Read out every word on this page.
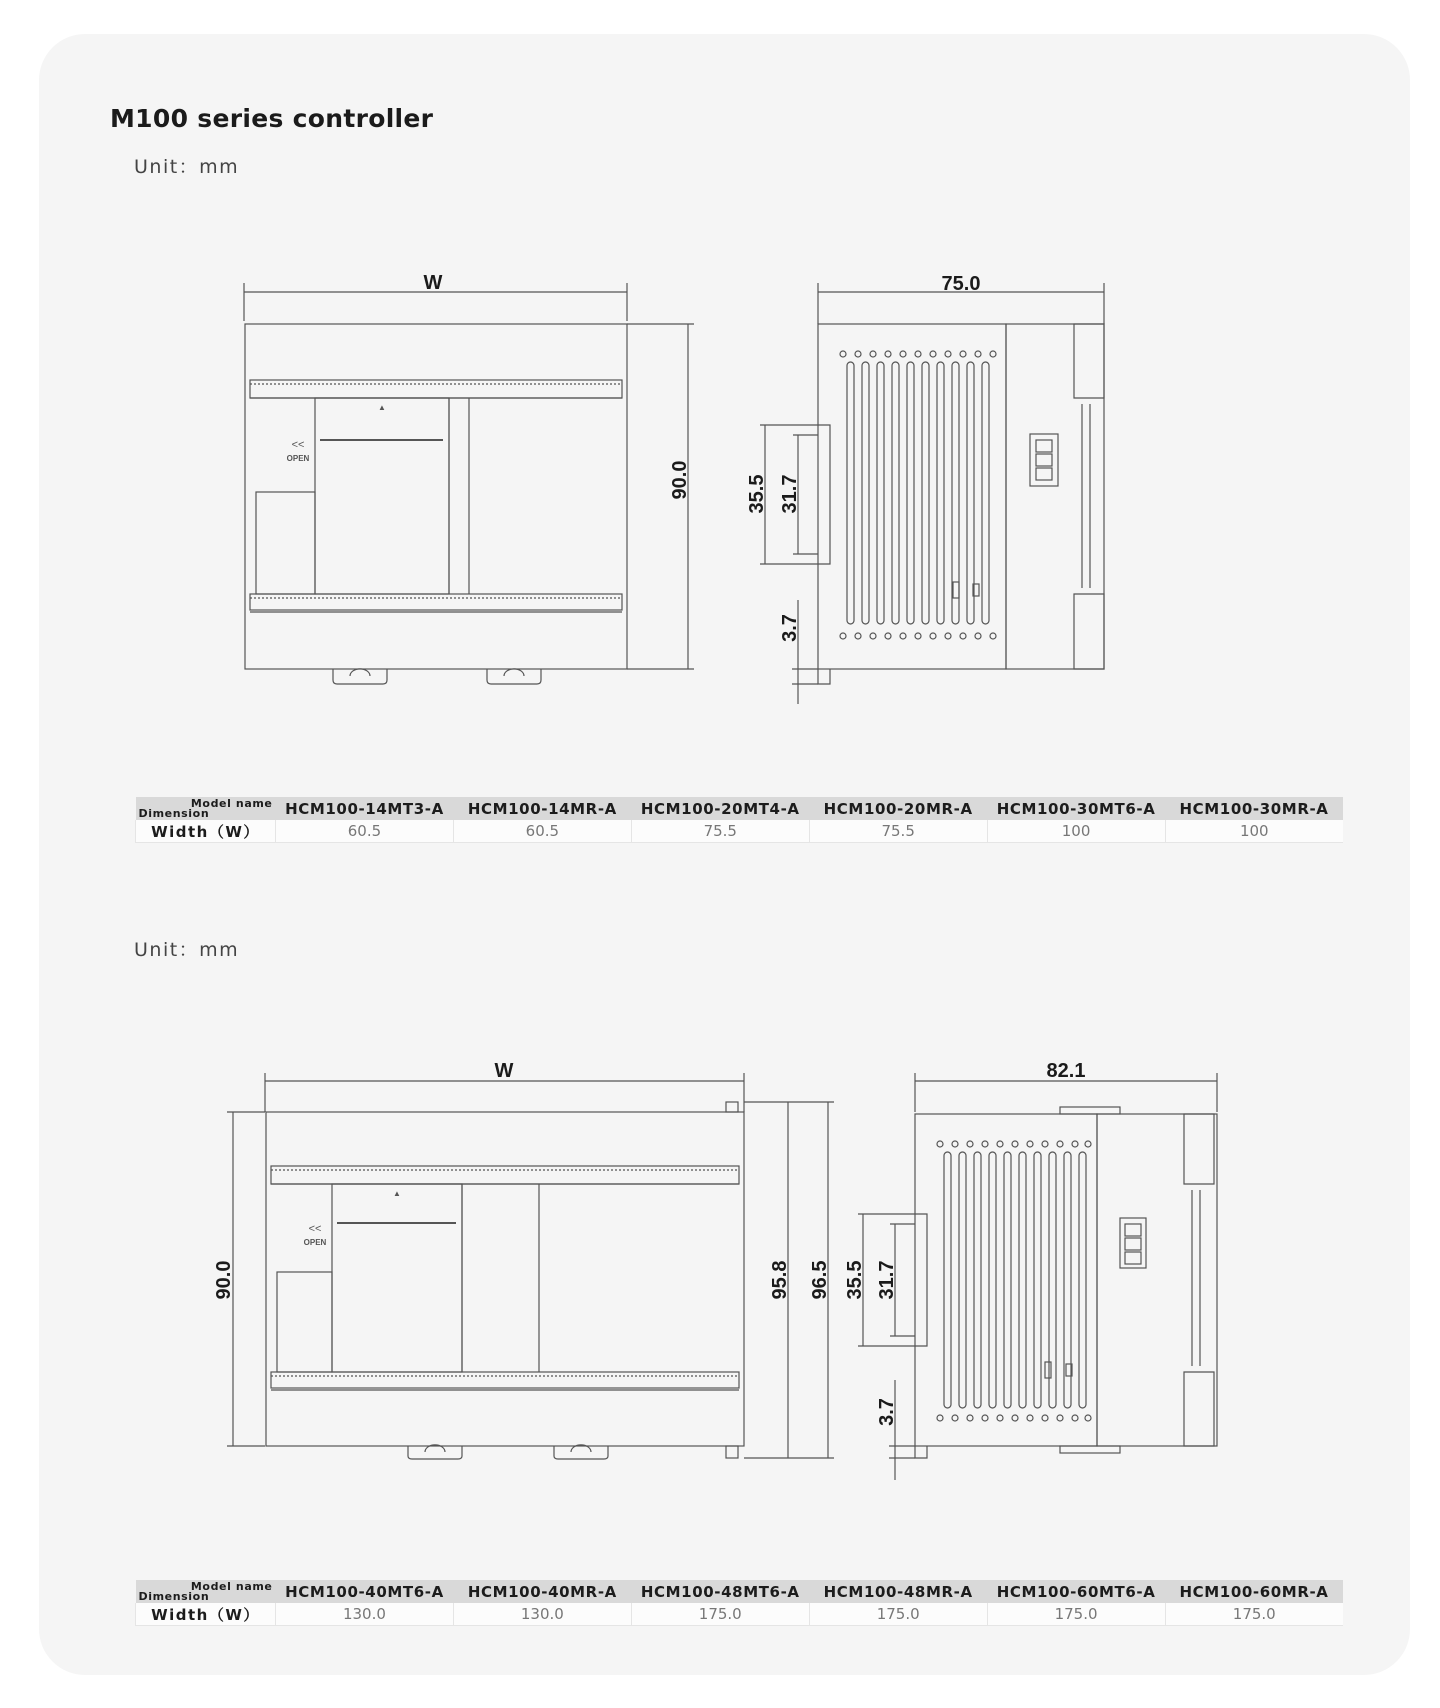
M100 series controller
Unit：mm
Unit：mm
W
90.0
▲
<<
OPEN
75.0
35.5 31.7
3.7
W
90.0	95.8 96.5
▲
<<
OPEN
82.1
35.5 31.7
3.7
Model name
Dimension	HCM100-14MT3-A	HCM100-14MR-A	HCM100-20MT4-A	HCM100-20MR-A	HCM100-30MT6-A	HCM100-30MR-A
Width（W）	60.5	60.5	75.5	75.5	100	100
Model name
Dimension	HCM100-40MT6-A	HCM100-40MR-A	HCM100-48MT6-A	HCM100-48MR-A	HCM100-60MT6-A	HCM100-60MR-A
Width（W）	130.0	130.0	175.0	175.0	175.0	175.0
